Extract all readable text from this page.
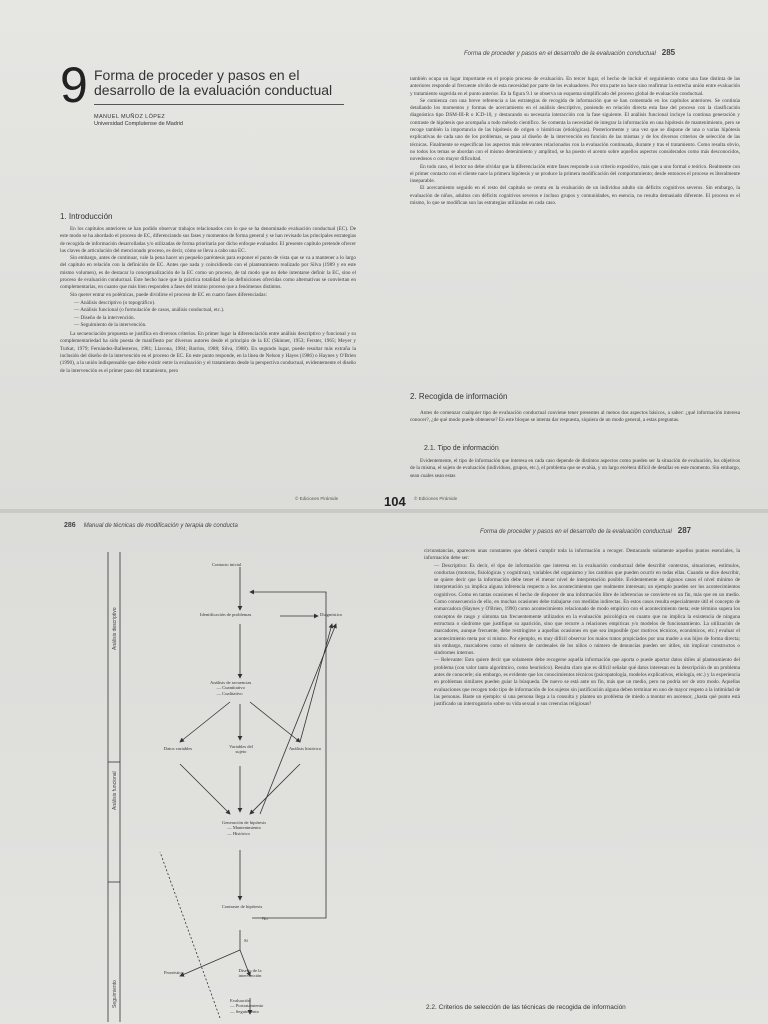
9 Forma de proceder y pasos en el desarrollo de la evaluación conductual
MANUEL MUÑOZ LÓPEZ
Universidad Complutense de Madrid
1. Introducción

En los capítulos anteriores se han podido observar trabajos relacionados con lo que se ha denominado evaluación conductual (EC). De este modo se ha abordado el proceso de EC, diferenciando sus fases y momentos de forma general y se han revisado las principales estrategias de recogida de información desarrolladas y/o utilizadas de forma prioritaria por dicho enfoque evaluador. El presente capítulo pretende ofrecer las claves de articulación del mencionado proceso, es decir, cómo se lleva a cabo una EC.

Sin embargo, antes de continuar, vale la pena hacer un pequeño paréntesis para exponer el punto de vista que se va a mantener a lo largo del capítulo en relación con la definición de EC. Antes que nada y coincidiendo con el planteamiento realizado por Silva (1989 y en este mismo volumen), es de destacar la conceptualización de la EC como un proceso, de tal modo que no debe intentarse definir la EC, sino el proceso de evaluación conductual. Este hecho hace que la práctica totalidad de las definiciones ofrecidas como alternativas se conviertan en complementarias, en cuanto que más bien responden a fases del mismo proceso que a fenómenos distintos.

Sin querer entrar en polémicas, puede dividirse el proceso de EC en cuatro fases diferenciadas:

— Análisis descriptivo (o topográfico).
— Análisis funcional (o formulación de casos, análisis conductual, etc.).
— Diseño de la intervención.
— Seguimiento de la intervención.

La secuenciación propuesta se justifica en diversos criterios. En primer lugar la diferenciación entre análisis descriptivo y funcional y su complementariedad ha sido puesta de manifiesto por diversos autores desde el principio de la EC (Skinner, 1953; Ferster, 1965; Meyer y Turkat, 1979; Fernández-Ballesteros, 1981; Llavona, 1984; Barrios, 1988; Silva, 1988). En segundo lugar, puede resultar más extraña la inclusión del diseño de la intervención en el proceso de EC. En este punto responde, en la línea de Nelson y Hayes (1986) o Haynes y O'Brien (1990), a la unión indispensable que debe existir entre la evaluación y el tratamiento desde la perspectiva conductual, evidentemente el diseño de la intervención es el primer paso del tratamiento, pero

© Ediciones Pirámide
Forma de proceder y pasos en el desarrollo de la evaluación conductual 285

también ocupa un lugar importante en el propio proceso de evaluación. En tercer lugar, el hecho de incluir el seguimiento como una fase distinta de las anteriores responde al frecuente olvido de esta necesidad por parte de los evaluadores. Por otra parte no hace sino reafirmar la estrecha unión entre evaluación y tratamiento sugerida en el punto anterior. En la figura 9.1 se observa un esquema simplificado del proceso global de evaluación conductual.

Se comienza con una breve referencia a las estrategias de recogida de información que se han comentado en los capítulos anteriores. Se continúa detallando los momentos y formas de acercamiento en el análisis descriptivo, poniendo en relación directa esta fase del proceso con la clasificación diagnóstica tipo DSM-III-R o ICD-10, y destacando su necesaria interacción con la fase siguiente. El análisis funcional incluye la continua generación y contraste de hipótesis que acompaña a todo método científico. Se comenta la necesidad de integrar la información en una hipótesis de mantenimiento, pero se recoge también la importancia de las hipótesis de origen o históricas (etiológicas). Posteriormente y una vez que se dispone de una o varias hipótesis explicativas de cada uno de los problemas, se pasa al diseño de la intervención en función de las mismas y de los diversos criterios de selección de las técnicas. Finalmente se especifican los aspectos más relevantes relacionados con la evaluación continuada, durante y tras el tratamiento. Como resulta obvio, no todos los temas se abordan con el mismo detenimiento y amplitud, se ha puesto el acento sobre aquellos aspectos considerados como más desconocidos, novedosos o con mayor dificultad.

En todo caso, el lector no debe olvidar que la diferenciación entre fases responde a un criterio expositivo, más que a uno formal o teórico. Realmente con el primer contacto con el cliente nace la primera hipótesis y se produce la primera modificación del comportamiento; desde entonces el proceso es literalmente inseparable.

El acercamiento seguido en el resto del capítulo se centra en la evaluación de un individuo adulto sin déficits cognitivos severos. Sin embargo, la evaluación de niños, adultos con déficits cognitivos severos e incluso grupos y comunidades, en esencia, no resulta demasiado diferente. El proceso es el mismo, lo que se modifican son las estrategias utilizadas en cada caso.

2. Recogida de información

Antes de comenzar cualquier tipo de evaluación conductual conviene tener presentes al menos dos aspectos básicos, a saber: ¿qué información interesa conocer?, ¿de qué modo puede obtenerse? En este bloque se intenta dar respuesta, siquiera de un modo general, a estas preguntas.

2.1. Tipo de información

Evidentemente, el tipo de información que interesa en cada caso depende de distintos aspectos como pueden ser la situación de evaluación, los objetivos de la misma, el sujeto de evaluación (individuos, grupos, etc.), el problema que se evalúa, y un largo etcétera difícil de detallar en este momento. Sin embargo, sean cuales sean estas

104 © Ediciones Pirámide
286 Manual de técnicas de modificación y terapia de conducta
Análisis descriptivo
Análisis funcional
Seguimiento
Contacto inicial
Identificación de problemas	Diagnóstico
Análisis de secuencias
— Cuantitativo
— Cualitativo
Datos variables	Variables del sujeto
Análisis histórico
Generación de hipótesis
— Mantenimiento
— Histórico
Contraste de hipótesis
No
Sí
Pronóstico	Diseño de la intervención
Evaluación
— Postratamiento
— Seguimiento
Forma de proceder y pasos en el desarrollo de la evaluación conductual 287

circunstancias, aparecen unas constantes que deberá cumplir toda la información a recoger. Destacando solamente aquellos puntos esenciales, la información debe ser:

— Descriptiva: Es decir, el tipo de información que interesa en la evaluación conductual debe describir contextos, situaciones, estímulos, conductas (motoras, fisiológicas y cognitivas), variables del organismo y los cambios que pueden ocurrir en todas ellas. Cuando se dice describir, se quiere decir que la información debe tener el menor nivel de interpretación posible. Evidentemente en algunos casos el nivel mínimo de interpretación ya implica alguna inferencia respecto a los acontecimientos que realmente interesan; un ejemplo pueden ser los acontecimientos cognitivos. Como en tantas ocasiones el hecho de disponer de una información libre de inferencias se convierte en un fin, más que en un medio. Como consecuencia de ello, en muchas ocasiones debe trabajarse con medidas indirectas. En estos casos resulta especialmente útil el concepto de enmarcadora (Haynes y O'Brien, 1990) como acontecimiento relacionado de modo empírico con el acontecimiento meta; este término supera los conceptos de rasgo y síntoma tan frecuentemente utilizados en la evaluación psicológica en cuanto que no implica la existencia de ninguna estructura o síndrome que justifique su aparición, sino que recurre a relaciones empíricas y/o modelos de funcionamiento. La utilización de marcadores, aunque frecuente, debe restringirse a aquellas ocasiones en que sea imposible (por motivos técnicos, económicos, etc.) evaluar el acontecimiento meta por sí mismo. Por ejemplo, es muy difícil observar los malos tratos propiciados por una madre a sus hijos de forma directa; sin embargo, marcadores como el número de cardenales de los niños o número de denuncias pueden ser útiles, sin implicar constructos o síndromes internos.

— Relevante: Esto quiere decir que solamente debe recogerse aquella información que aporta o puede aportar datos útiles al planteamiento del problema (con valor tanto algorítmico, como heurístico). Resulta claro que es difícil señalar qué datos interesan en la descripción de un problema antes de conocerle; sin embargo, es evidente que los conocimientos técnicos (psicopatología, modelos explicativos, etiología, etc.) y la experiencia en problemas similares pueden guiar la búsqueda. De nuevo se está ante un fin, más que un medio, pero no podría ser de otro modo. Aquellas evaluaciones que recogen todo tipo de información de los sujetos sin justificación alguna deben terminar en uno de mayor respeto a la intimidad de las personas. Baste un ejemplo: si una persona llega a la consulta y plantea un problema de miedo a montar en ascensor, ¿hasta qué punto está justificado un interrogatorio sobre su vida sexual o sus creencias religiosas?

2.2. Criterios de selección de las técnicas de recogida de información
